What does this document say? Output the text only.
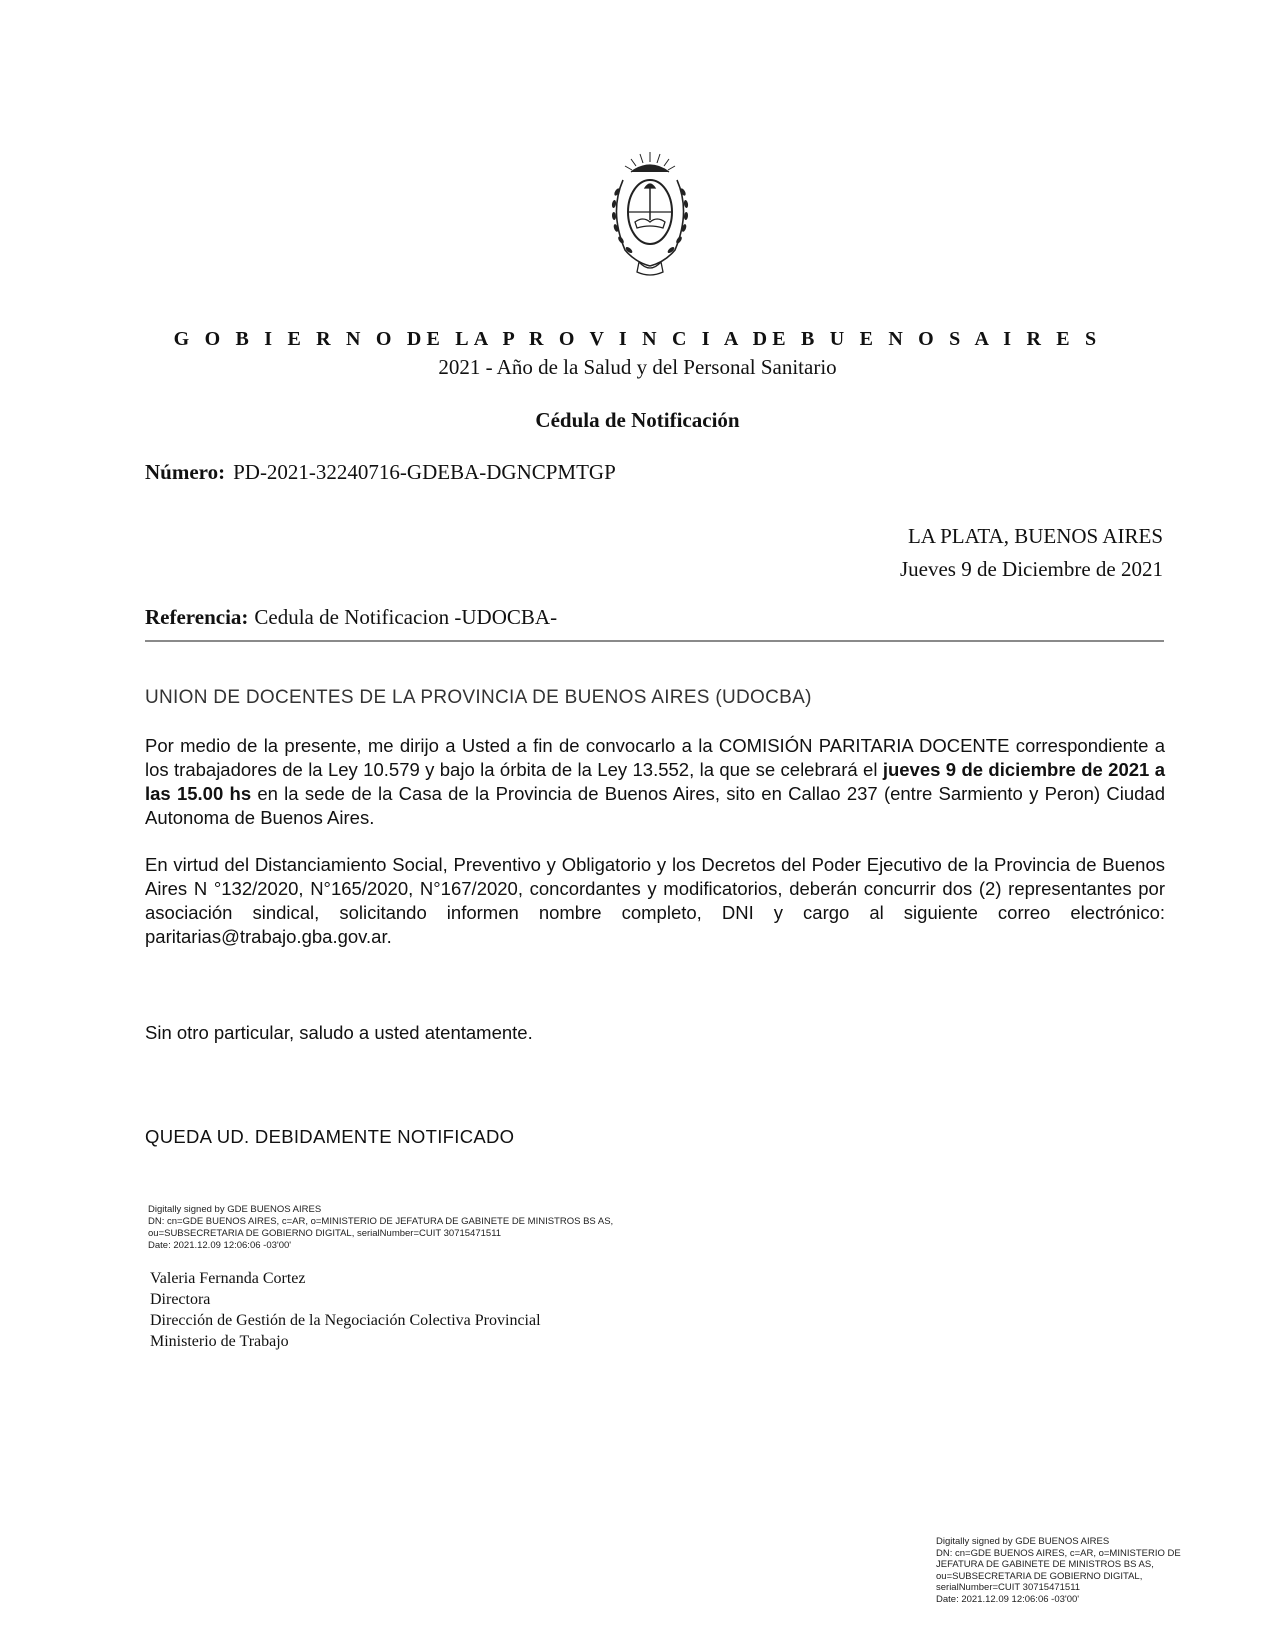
G O B I E R N O DE LA P R O V I N C I A DE B U E N O S A I R E S
2021 - Año de la Salud y del Personal Sanitario
Cédula de Notificación
Número: PD-2021-32240716-GDEBA-DGNCPMTGP
LA PLATA, BUENOS AIRES
Jueves 9 de Diciembre de 2021
Referencia: Cedula de Notificacion -UDOCBA-
UNION DE DOCENTES DE LA PROVINCIA DE BUENOS AIRES (UDOCBA)
Por medio de la presente, me dirijo a Usted a fin de convocarlo a la COMISIÓN PARITARIA DOCENTE correspondiente a los trabajadores de la Ley 10.579 y bajo la órbita de la Ley 13.552, la que se celebrará el jueves 9 de diciembre de 2021 a las 15.00 hs en la sede de la Casa de la Provincia de Buenos Aires, sito en Callao 237 (entre Sarmiento y Peron) Ciudad Autonoma de Buenos Aires.
En virtud del Distanciamiento Social, Preventivo y Obligatorio y los Decretos del Poder Ejecutivo de la Provincia de Buenos Aires N °132/2020, N°165/2020, N°167/2020, concordantes y modificatorios, deberán concurrir dos (2) representantes por asociación sindical, solicitando informen nombre completo, DNI y cargo al siguiente correo electrónico: paritarias@trabajo.gba.gov.ar.
Sin otro particular, saludo a usted atentamente.
QUEDA UD. DEBIDAMENTE NOTIFICADO
Digitally signed by GDE BUENOS AIRES
DN: cn=GDE BUENOS AIRES, c=AR, o=MINISTERIO DE JEFATURA DE GABINETE DE MINISTROS BS AS,
ou=SUBSECRETARIA DE GOBIERNO DIGITAL, serialNumber=CUIT 30715471511
Date: 2021.12.09 12:06:06 -03'00'
Valeria Fernanda Cortez
Directora
Dirección de Gestión de la Negociación Colectiva Provincial
Ministerio de Trabajo
Digitally signed by GDE BUENOS AIRES
DN: cn=GDE BUENOS AIRES, c=AR, o=MINISTERIO DE
JEFATURA DE GABINETE DE MINISTROS BS AS,
ou=SUBSECRETARIA DE GOBIERNO DIGITAL,
serialNumber=CUIT 30715471511
Date: 2021.12.09 12:06:06 -03'00'
